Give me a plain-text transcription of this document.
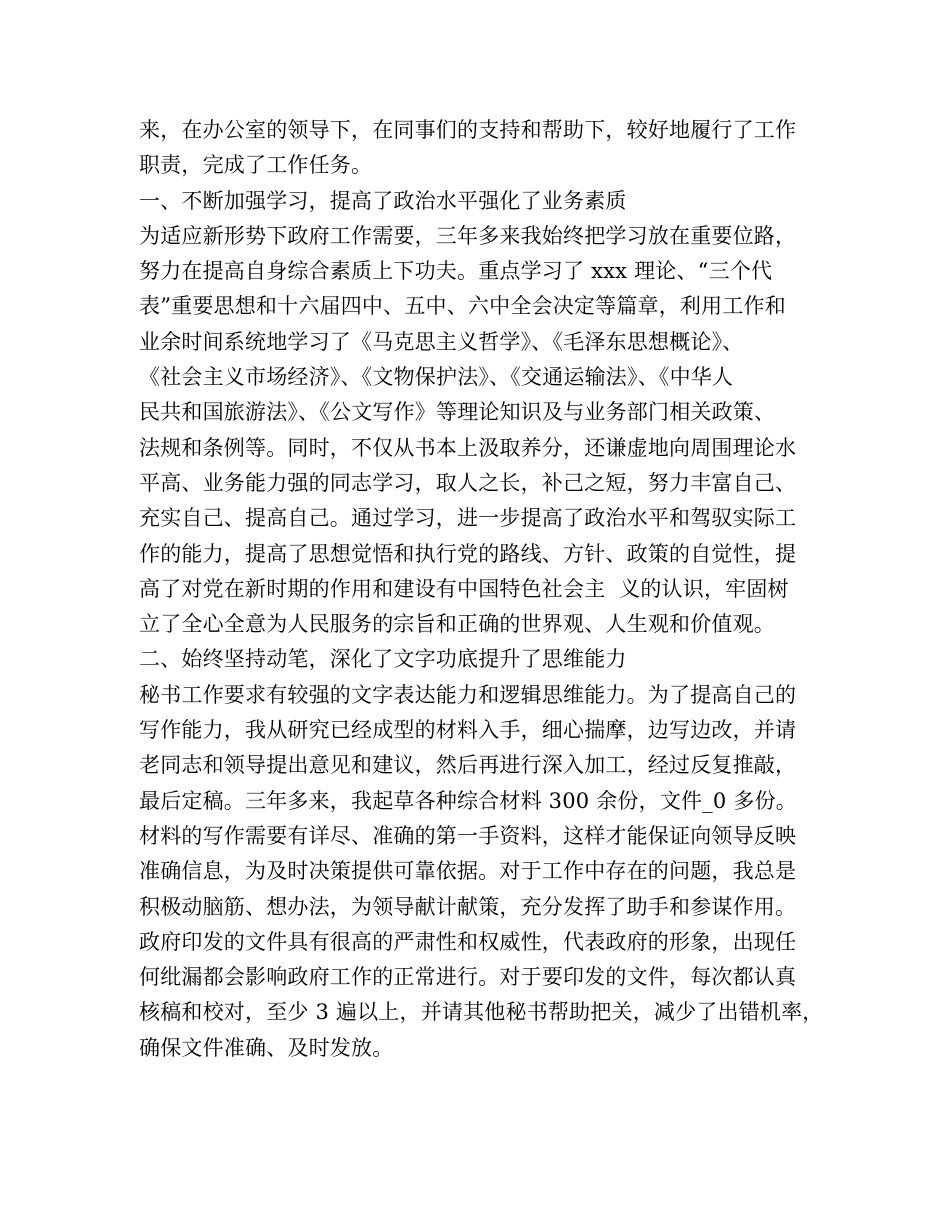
来，在办公室的领导下，在同事们的支持和帮助下，较好地履行了工作
职责，完成了工作任务。
一、不断加强学习，提高了政治水平强化了业务素质
为适应新形势下政府工作需要，三年多来我始终把学习放在重要位路，
努力在提高自身综合素质上下功夫。重点学习了 xxx 理论、“三个代
表”重要思想和十六届四中、五中、六中全会决定等篇章，利用工作和
业余时间系统地学习了《马克思主义哲学》、《毛泽东思想概论》、
《社会主义市场经济》、《文物保护法》、《交通运输法》、《中华人
民共和国旅游法》、《公文写作》等理论知识及与业务部门相关政策、
法规和条例等。同时，不仅从书本上汲取养分，还谦虚地向周围理论水
平高、业务能力强的同志学习，取人之长，补己之短，努力丰富自己、
充实自己、提高自己。通过学习，进一步提高了政治水平和驾驭实际工
作的能力，提高了思想觉悟和执行党的路线、方针、政策的自觉性，提
高了对党在新时期的作用和建设有中国特色社会主  义的认识，牢固树
立了全心全意为人民服务的宗旨和正确的世界观、人生观和价值观。
二、始终坚持动笔，深化了文字功底提升了思维能力
秘书工作要求有较强的文字表达能力和逻辑思维能力。为了提高自己的
写作能力，我从研究已经成型的材料入手，细心揣摩，边写边改，并请
老同志和领导提出意见和建议，然后再进行深入加工，经过反复推敲，
最后定稿。三年多来，我起草各种综合材料 300 余份，文件_0 多份。
材料的写作需要有详尽、准确的第一手资料，这样才能保证向领导反映
准确信息，为及时决策提供可靠依据。对于工作中存在的问题，我总是
积极动脑筋、想办法，为领导献计献策，充分发挥了助手和参谋作用。
政府印发的文件具有很高的严肃性和权威性，代表政府的形象，出现任
何纰漏都会影响政府工作的正常进行。对于要印发的文件，每次都认真
核稿和校对，至少 3 遍以上，并请其他秘书帮助把关，减少了出错机率，
确保文件准确、及时发放。
